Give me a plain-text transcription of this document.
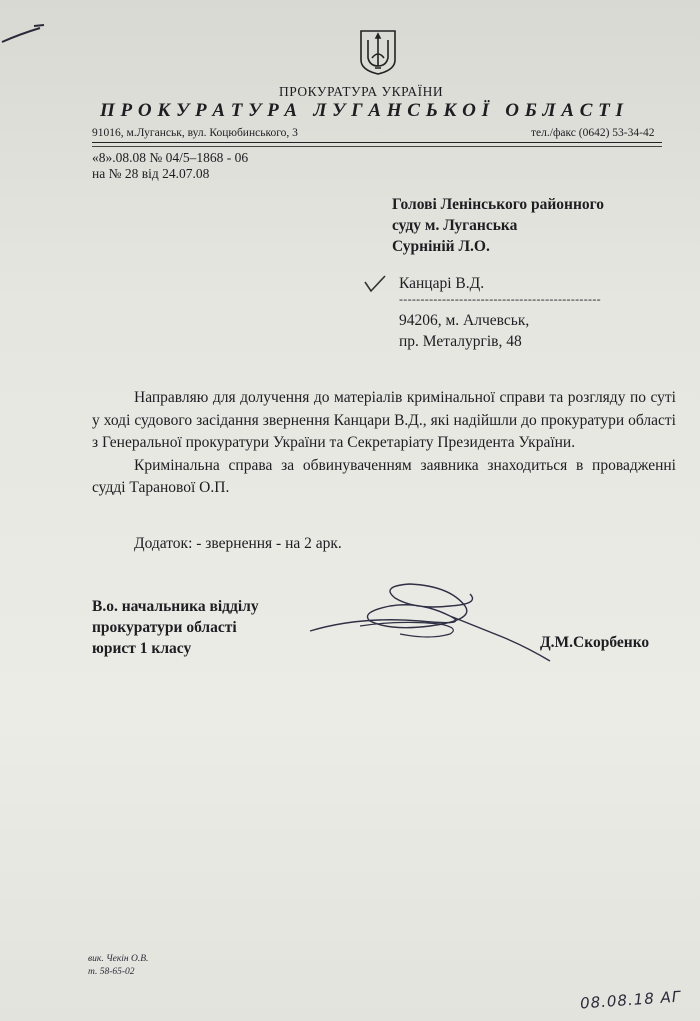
ПРОКУРАТУРА УКРАЇНИ
П Р О К У Р А Т У Р А   Л У Г А Н С Ь К О Ї   О Б Л А С Т І
91016, м.Луганськ, вул. Коцюбинського, 3	тел./факс (0642) 53-34-42
«8».08.08 № 04/5–1868 - 06
на № 28 від 24.07.08
Голові Ленінського районного
суду м. Луганська
Сурніній Л.О.
Канцарі В.Д.
-----------------------------------------------
94206, м. Алчевськ,
пр. Металургів, 48
Направляю для долучення до матеріалів кримінальної справи та розгляду по суті у ході судового засідання звернення Канцари В.Д., які надійшли до прокуратури області з Генеральної прокуратури України та Секретаріату Президента України.
Кримінальна справа за обвинуваченням заявника знаходиться в провадженні судді Таранової О.П.
Додаток: - звернення - на 2 арк.
В.о. начальника відділу
прокуратури області
юрист 1 класу	Д.М.Скорбенко
вик. Чекін О.В.
т. 58-65-02
08.08.18 АГ
